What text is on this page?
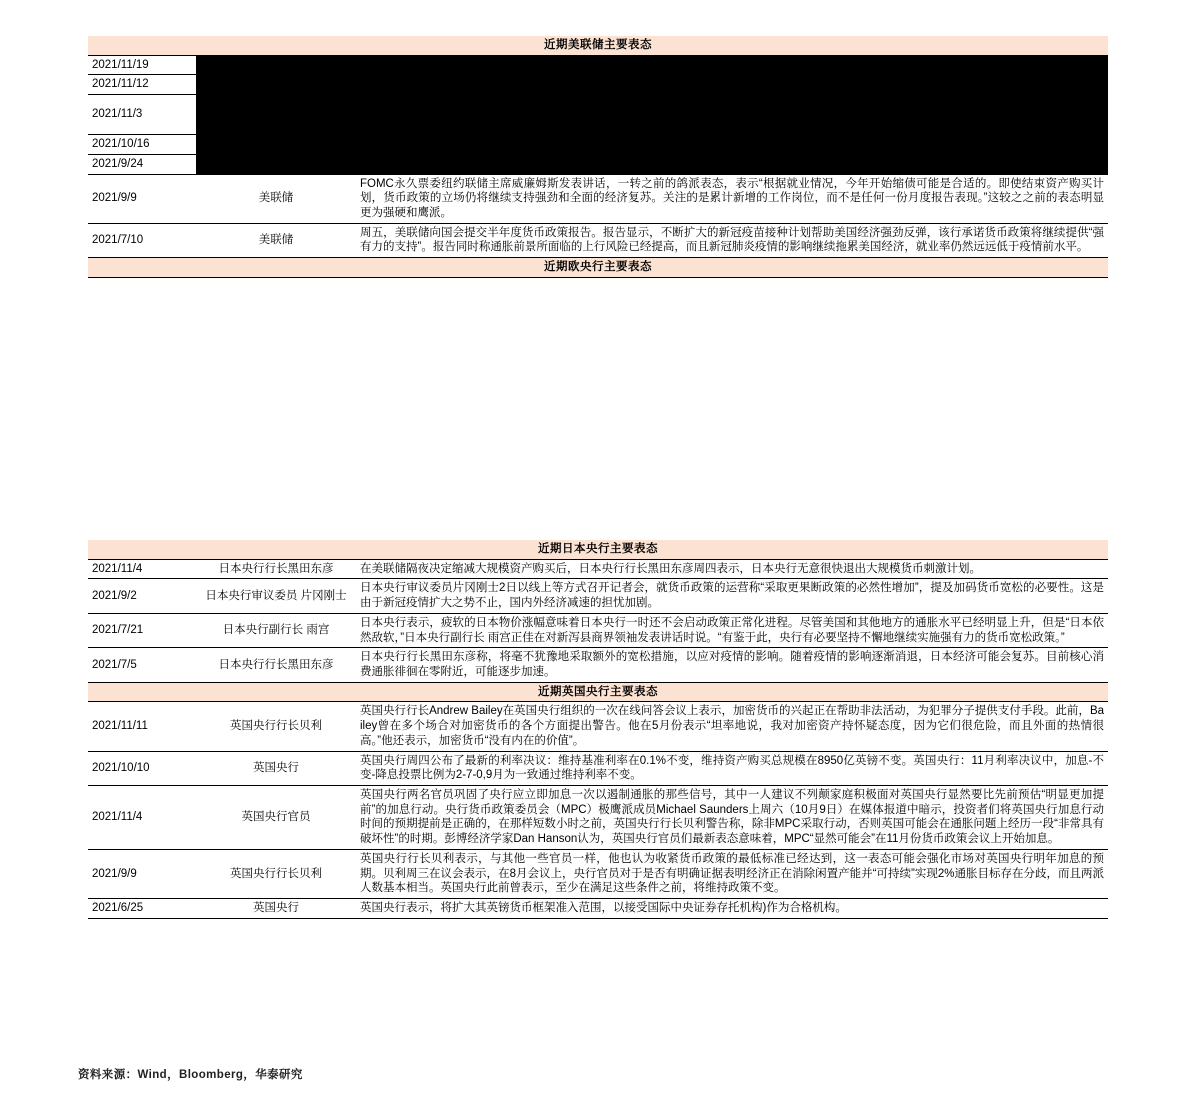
近期美联储主要表态		
2021/11/19		
2021/11/12		
2021/11/3		
2021/10/16		
2021/9/24		
2021/9/9	美联储	FOMC永久票委纽约联储主席威廉姆斯发表讲话，一转之前的鸽派表态，表示“根据就业情况，今年开始缩债可能是合适的。即使结束资产购买计划，货币政策的立场仍将继续支持强劲和全面的经济复苏。关注的是累计新增的工作岗位，而不是任何一份月度报告表现。”这较之之前的表态明显更为强硬和鹰派。
2021/7/10	美联储	周五，美联储向国会提交半年度货币政策报告。报告显示，不断扩大的新冠疫苗接种计划帮助美国经济强劲反弹，该行承诺货币政策将继续提供“强有力的支持”。报告同时称通胀前景所面临的上行风险已经提高，而且新冠肺炎疫情的影响继续拖累美国经济，就业率仍然远远低于疫情前水平。
近期欧央行主要表态		
近期日本央行主要表态		
2021/11/4	日本央行行长黑田东彦	在美联储隔夜决定缩减大规模资产购买后，日本央行行长黑田东彦周四表示，日本央行无意很快退出大规模货币刺激计划。
2021/9/2	日本央行审议委员 片冈刚士	日本央行审议委员片冈刚士2日以线上等方式召开记者会，就货币政策的运营称“采取更果断政策的必然性增加”，提及加码货币宽松的必要性。这是由于新冠疫情扩大之势不止，国内外经济减速的担忧加剧。
2021/7/21	日本央行副行长 雨宫	日本央行表示，疲软的日本物价涨幅意味着日本央行一时还不会启动政策正常化进程。尽管美国和其他地方的通胀水平已经明显上升，但是“日本依然敌软，”日本央行副行长 雨宫正佳在对新泻县商界领袖发表讲话时说。“有鉴于此，央行有必要坚持不懈地继续实施强有力的货币宽松政策。”
2021/7/5	日本央行行长黑田东彦	日本央行行长黑田东彦称，将毫不犹豫地采取额外的宽松措施，以应对疫情的影响。随着疫情的影响逐渐消退，日本经济可能会复苏。目前核心消费通胀徘徊在零附近，可能逐步加速。
近期英国央行主要表态		
2021/11/11	英国央行行长贝利	英国央行行长Andrew Bailey在英国央行组织的一次在线问答会议上表示，加密货币的兴起正在帮助非法活动，为犯罪分子提供支付手段。此前，Bailey曾在多个场合对加密货币的各个方面提出警告。他在5月份表示“坦率地说，我对加密资产持怀疑态度，因为它们很危险，而且外面的热情很高。”他还表示，加密货币“没有内在的价值”。
2021/10/10	英国央行	英国央行周四公布了最新的利率决议：维持基准利率在0.1%不变，维持资产购买总规模在8950亿英镑不变。英国央行：11月利率决议中，加息-不变-降息投票比例为2-7-0,9月为一致通过维持利率不变。
2021/11/4	英国央行官员	英国央行两名官员巩固了央行应立即加息一次以遏制通胀的那些信号，其中一人建议不列颠家庭积极面对英国央行显然要比先前预估“明显更加提前”的加息行动。央行货币政策委员会（MPC）极鹰派成员Michael Saunders上周六（10月9日）在媒体报道中暗示，投资者们将英国央行加息行动时间的预期提前是正确的，在那样短数小时之前，英国央行行长贝利警告称，除非MPC采取行动，否则英国可能会在通胀问题上经历一段“非常具有破坏性”的时期。彭博经济学家Dan Hanson认为，英国央行官员们最新表态意味着，MPC“显然可能会”在11月份货币政策会议上开始加息。
2021/9/9	英国央行行长贝利	英国央行行长贝利表示，与其他一些官员一样，他也认为收紧货币政策的最低标准已经达到，这一表态可能会强化市场对英国央行明年加息的预期。贝利周三在议会表示，在8月会议上，央行官员对于是否有明确证据表明经济正在消除闲置产能并“可持续”实现2%通胀目标存在分歧，而且两派人数基本相当。英国央行此前曾表示，至少在满足这些条件之前，将维持政策不变。
2021/6/25	英国央行	英国央行表示，将扩大其英镑货币框架准入范围，以接受国际中央证券存托机构)作为合格机构。
资料来源：Wind，Bloomberg，华泰研究
